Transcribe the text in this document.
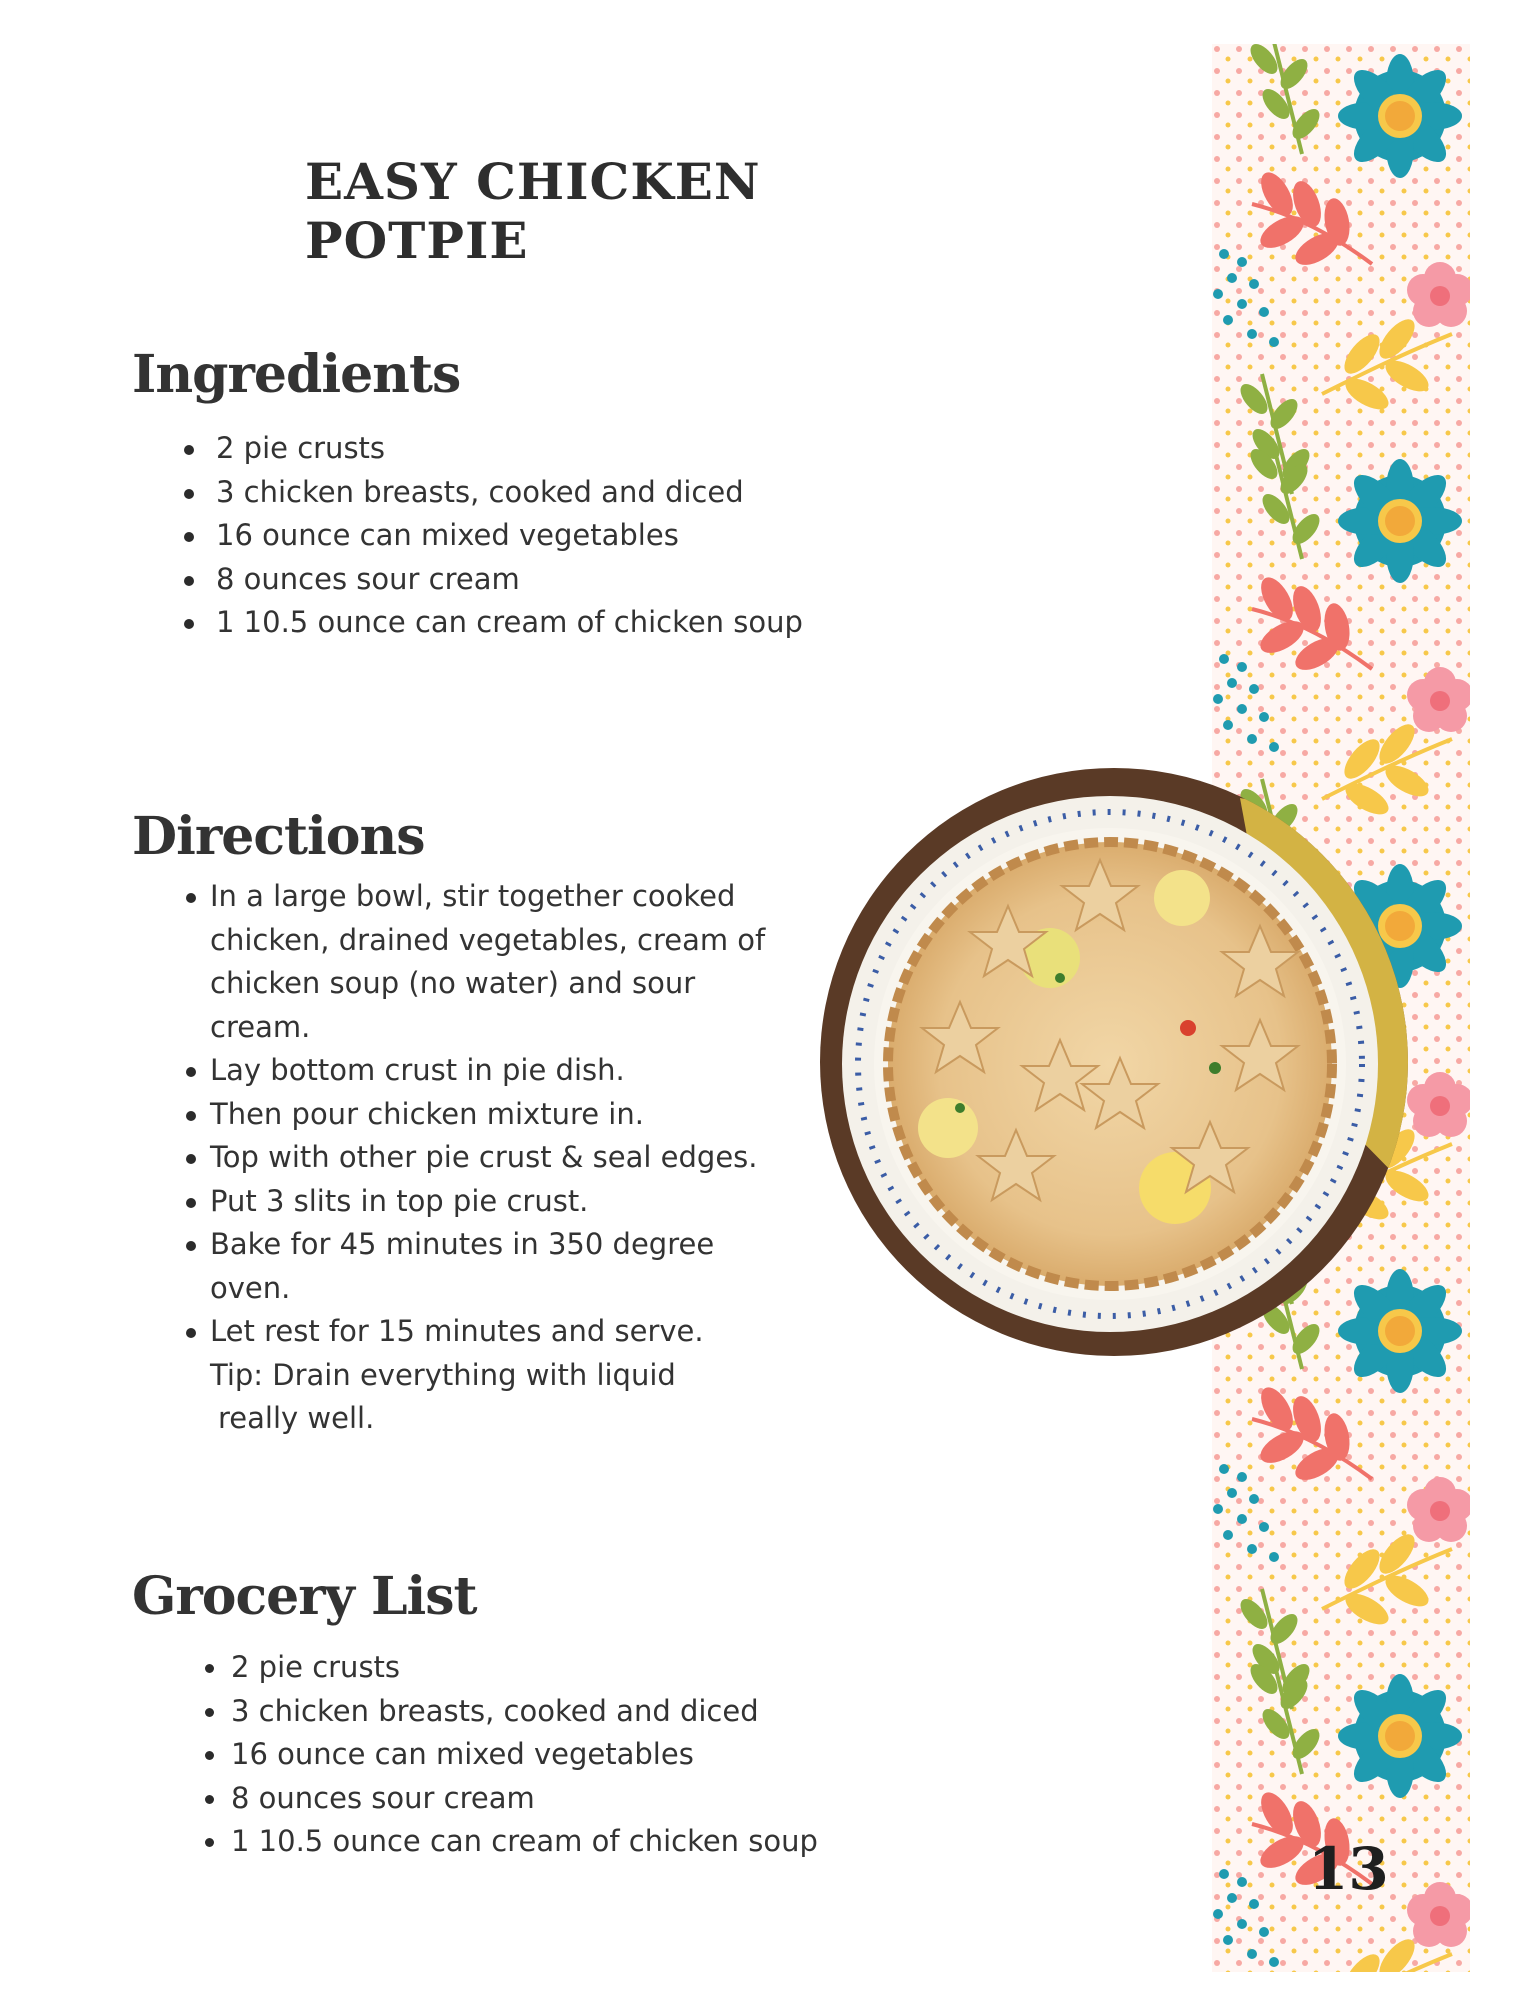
EASY CHICKEN POTPIE
Ingredients
2 pie crusts
3 chicken breasts, cooked and diced
16 ounce can mixed vegetables
8 ounces sour cream
1 10.5 ounce can cream of chicken soup
Directions
In a large bowl, stir together cooked chicken, drained vegetables, cream of chicken soup (no water) and sour cream.
Lay bottom crust in pie dish.
Then pour chicken mixture in.
Top with other pie crust & seal edges.
Put 3 slits in top pie crust.
Bake for 45 minutes in 350 degree oven.
Let rest for 15 minutes and serve.
Tip: Drain everything with liquid
really well.
Grocery List
2 pie crusts
3 chicken breasts, cooked and diced
16 ounce can mixed vegetables
8 ounces sour cream
1 10.5 ounce can cream of chicken soup	13
